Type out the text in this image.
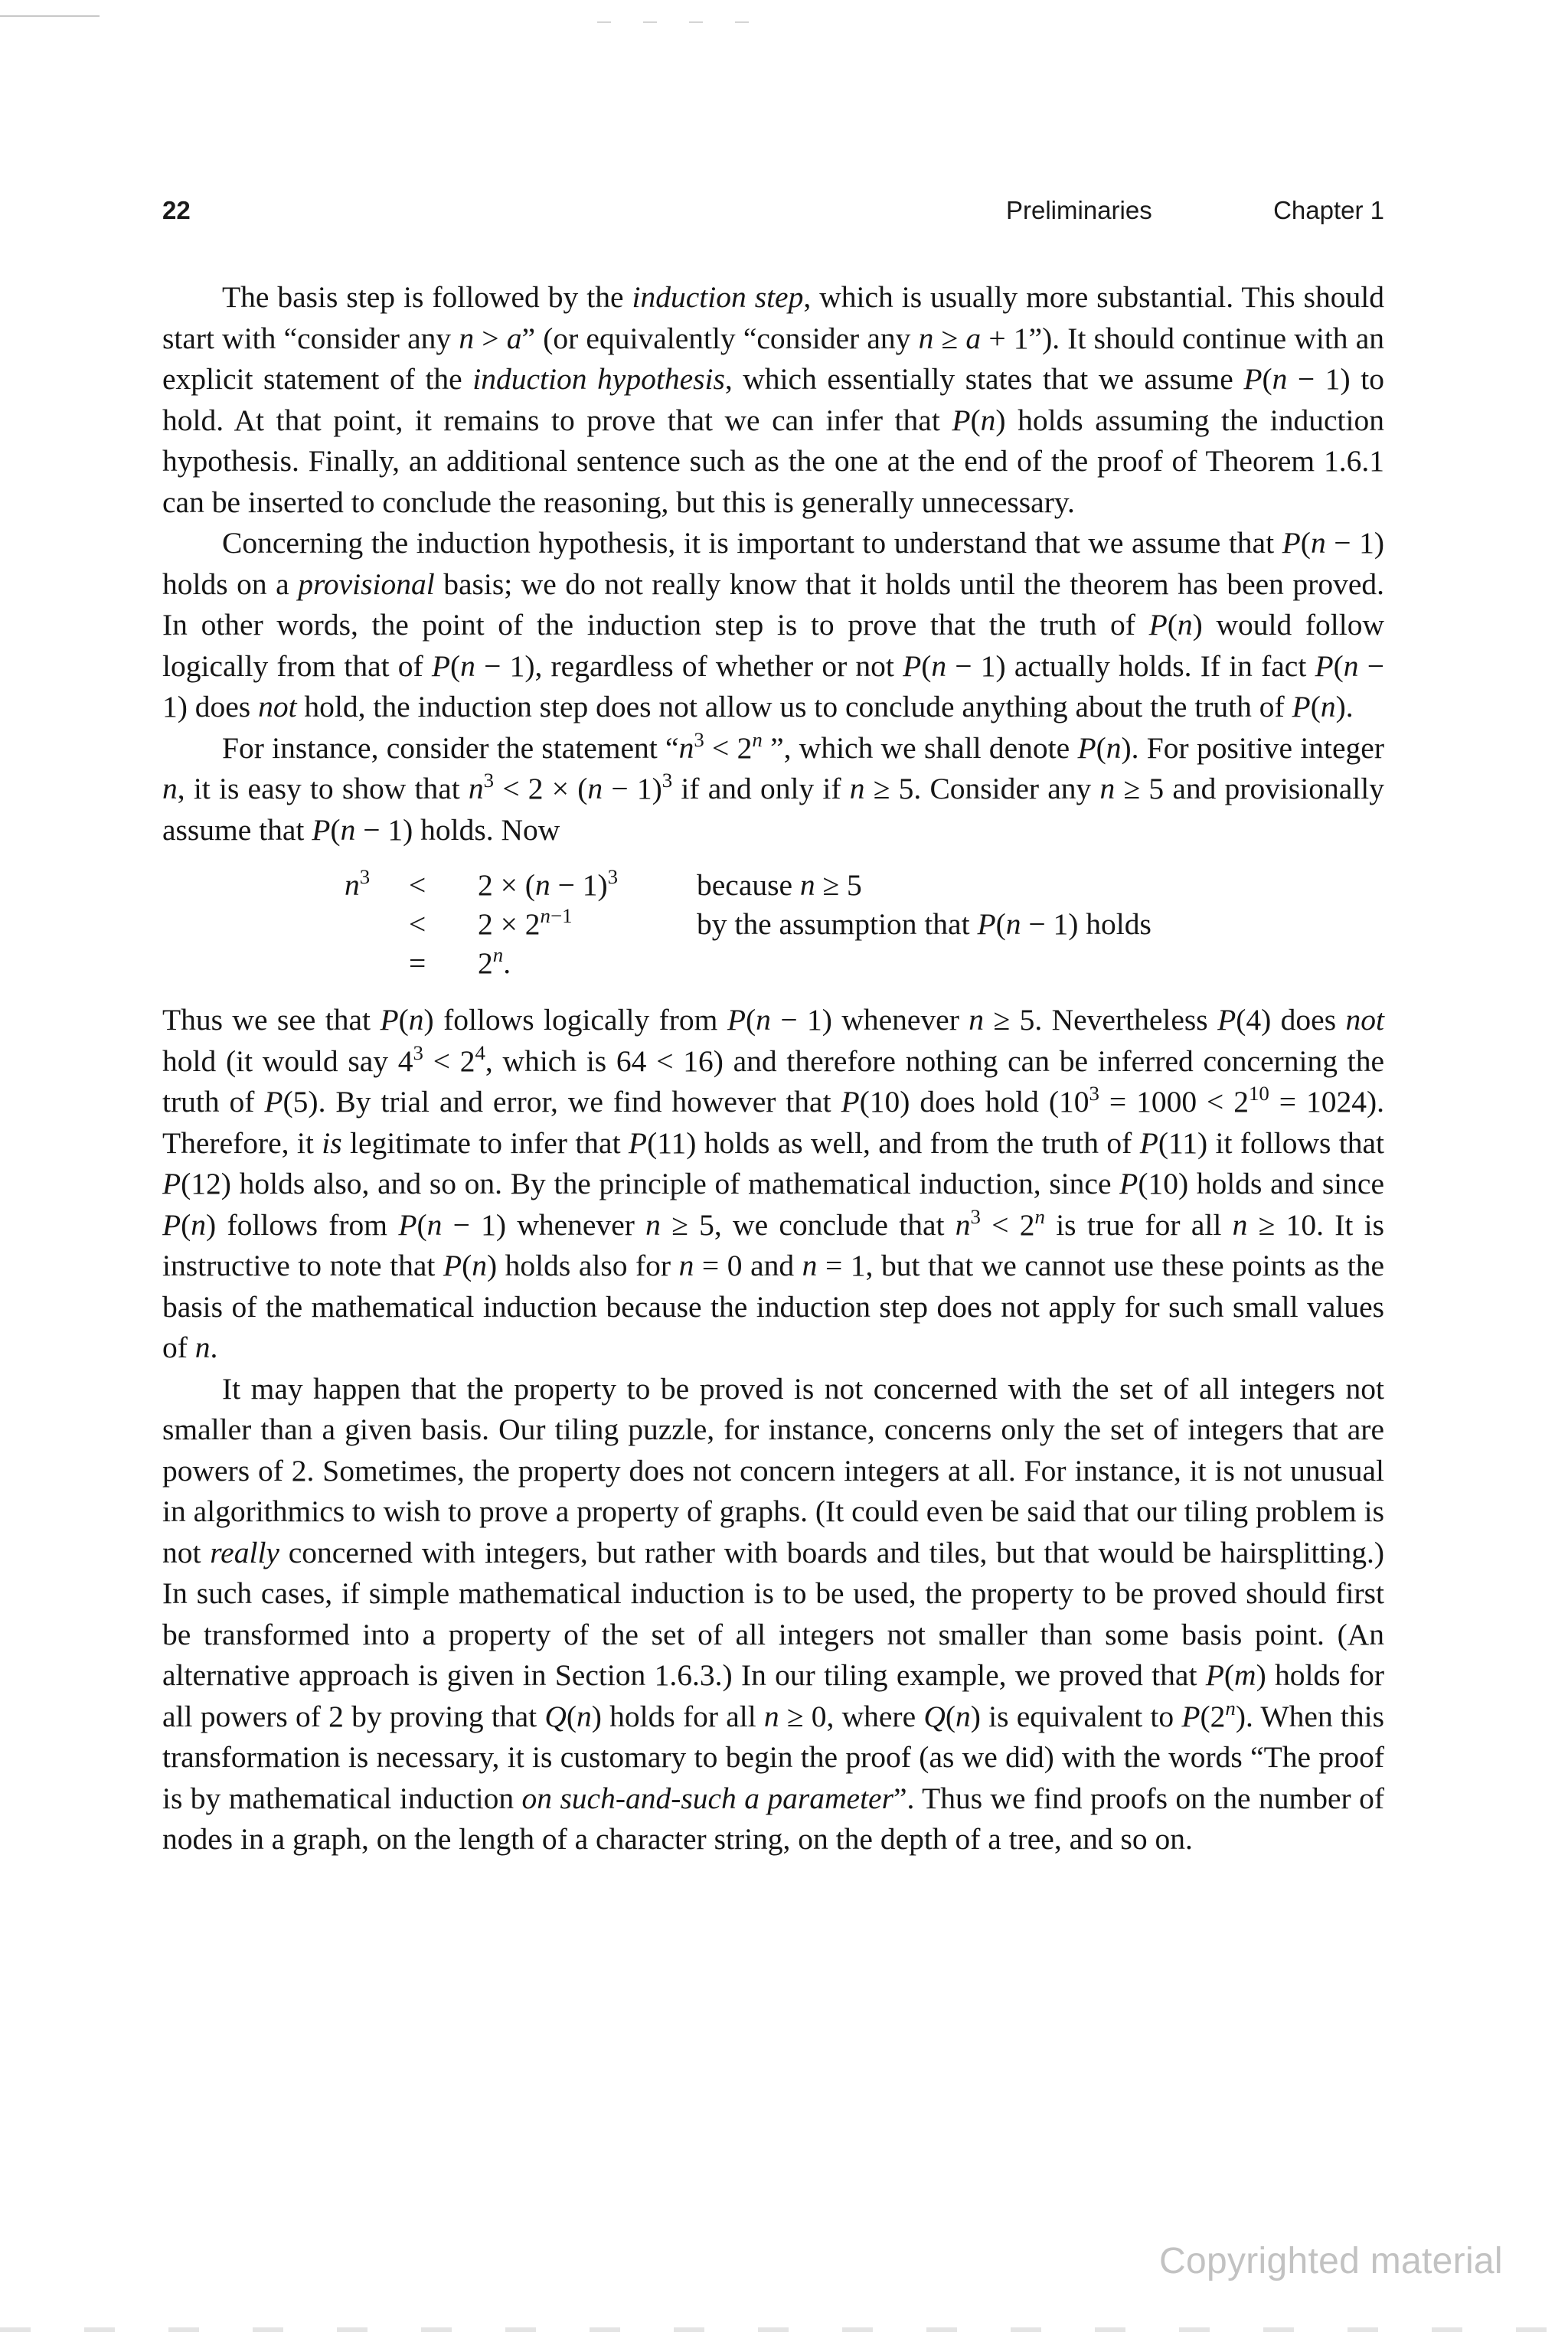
22	Preliminaries	Chapter 1

The basis step is followed by the induction step, which is usually more substantial. This should start with “consider any n > a” (or equivalently “consider any n ≥ a + 1”). It should continue with an explicit statement of the induction hypothesis, which essentially states that we assume P(n − 1) to hold. At that point, it remains to prove that we can infer that P(n) holds assuming the induction hypothesis. Finally, an additional sentence such as the one at the end of the proof of Theorem 1.6.1 can be inserted to conclude the reasoning, but this is generally unnecessary.

Concerning the induction hypothesis, it is important to understand that we assume that P(n − 1) holds on a provisional basis; we do not really know that it holds until the theorem has been proved. In other words, the point of the induction step is to prove that the truth of P(n) would follow logically from that of P(n − 1), regardless of whether or not P(n − 1) actually holds. If in fact P(n − 1) does not hold, the induction step does not allow us to conclude anything about the truth of P(n).

For instance, consider the statement “$n^3 < 2^n$ ”, which we shall denote P(n). For positive integer n, it is easy to show that $n^3 < 2 \times (n - 1)^3$ if and only if n ≥ 5. Consider any n ≥ 5 and provisionally assume that P(n − 1) holds. Now

$n^3$	<	$2 \times (n - 1)^3$	because n ≥ 5
	<	$2 \times 2^{n-1}$	by the assumption that P(n − 1) holds
	=	$2^n$.	

Thus we see that P(n) follows logically from P(n − 1) whenever n ≥ 5. Nevertheless P(4) does not hold (it would say $4^3 < 2^4$, which is 64 < 16) and therefore nothing can be inferred concerning the truth of P(5). By trial and error, we find however that P(10) does hold $(10^3 = 1000 < 2^{10} = 1024)$. Therefore, it is legitimate to infer that P(11) holds as well, and from the truth of P(11) it follows that P(12) holds also, and so on. By the principle of mathematical induction, since P(10) holds and since P(n) follows from P(n − 1) whenever n ≥ 5, we conclude that $n^3 < 2^n$ is true for all n ≥ 10. It is instructive to note that P(n) holds also for n = 0 and n = 1, but that we cannot use these points as the basis of the mathematical induction because the induction step does not apply for such small values of n.

It may happen that the property to be proved is not concerned with the set of all integers not smaller than a given basis. Our tiling puzzle, for instance, concerns only the set of integers that are powers of 2. Sometimes, the property does not concern integers at all. For instance, it is not unusual in algorithmics to wish to prove a property of graphs. (It could even be said that our tiling problem is not really concerned with integers, but rather with boards and tiles, but that would be hairsplitting.) In such cases, if simple mathematical induction is to be used, the property to be proved should first be transformed into a property of the set of all integers not smaller than some basis point. (An alternative approach is given in Section 1.6.3.) In our tiling example, we proved that P(m) holds for all powers of 2 by proving that Q(n) holds for all n ≥ 0, where Q(n) is equivalent to P(2$^n$). When this transformation is necessary, it is customary to begin the proof (as we did) with the words “The proof is by mathematical induction on such-and-such a parameter”. Thus we find proofs on the number of nodes in a graph, on the length of a character string, on the depth of a tree, and so on.

Copyrighted material
